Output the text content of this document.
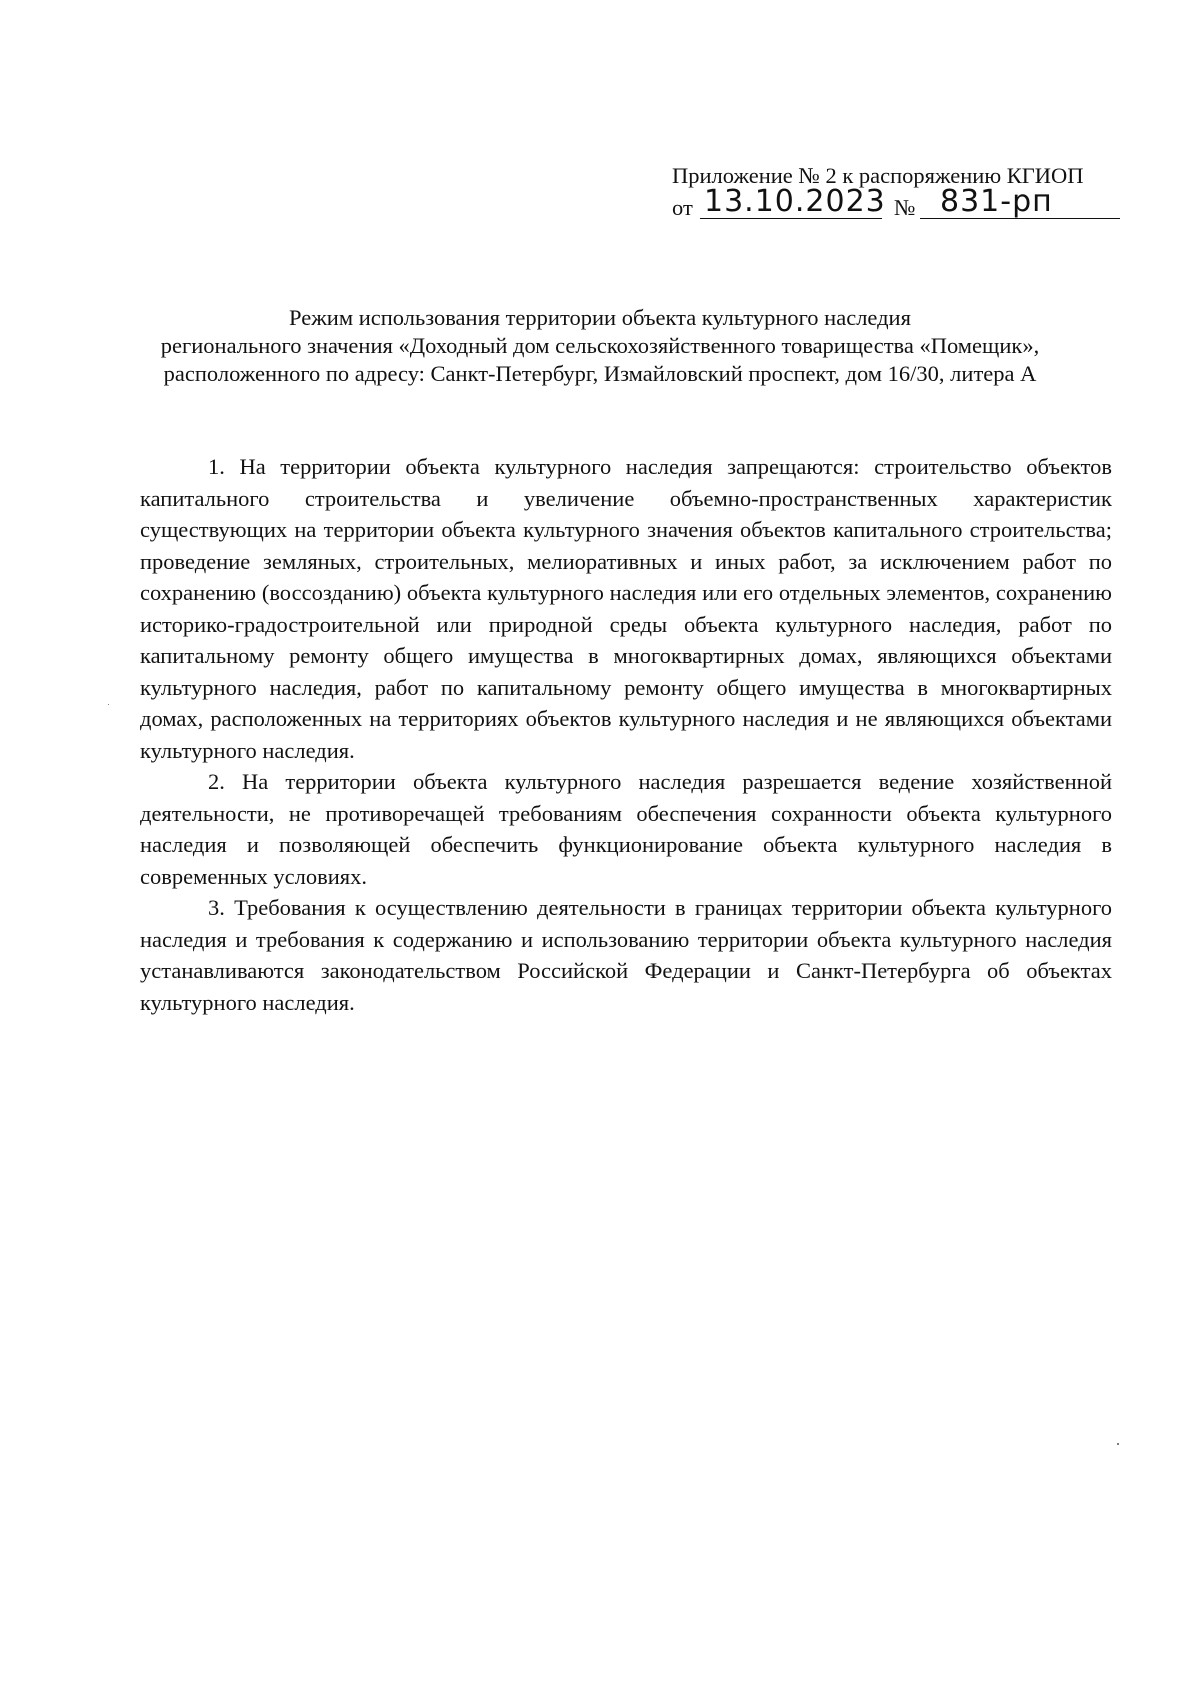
Приложение № 2 к распоряжению КГИОП
от 13.10.2023 № 831-рп
Режим использования территории объекта культурного наследия
регионального значения «Доходный дом сельскохозяйственного товарищества «Помещик»,
расположенного по адресу: Санкт-Петербург, Измайловский проспект, дом 16/30, литера А

1. На территории объекта культурного наследия запрещаются: строительство объектов капитального строительства и увеличение объемно-пространственных характеристик существующих на территории объекта культурного значения объектов капитального строительства; проведение земляных, строительных, мелиоративных и иных работ, за исключением работ по сохранению (воссозданию) объекта культурного наследия или его отдельных элементов, сохранению историко-градостроительной или природной среды объекта культурного наследия, работ по капитальному ремонту общего имущества в многоквартирных домах, являющихся объектами культурного наследия, работ по капитальному ремонту общего имущества в многоквартирных домах, расположенных на территориях объектов культурного наследия и не являющихся объектами культурного наследия.

2. На территории объекта культурного наследия разрешается ведение хозяйственной деятельности, не противоречащей требованиям обеспечения сохранности объекта культурного наследия и позволяющей обеспечить функционирование объекта культурного наследия в современных условиях.

3. Требования к осуществлению деятельности в границах территории объекта культурного наследия и требования к содержанию и использованию территории объекта культурного наследия устанавливаются законодательством Российской Федерации и Санкт-Петербурга об объектах культурного наследия.
